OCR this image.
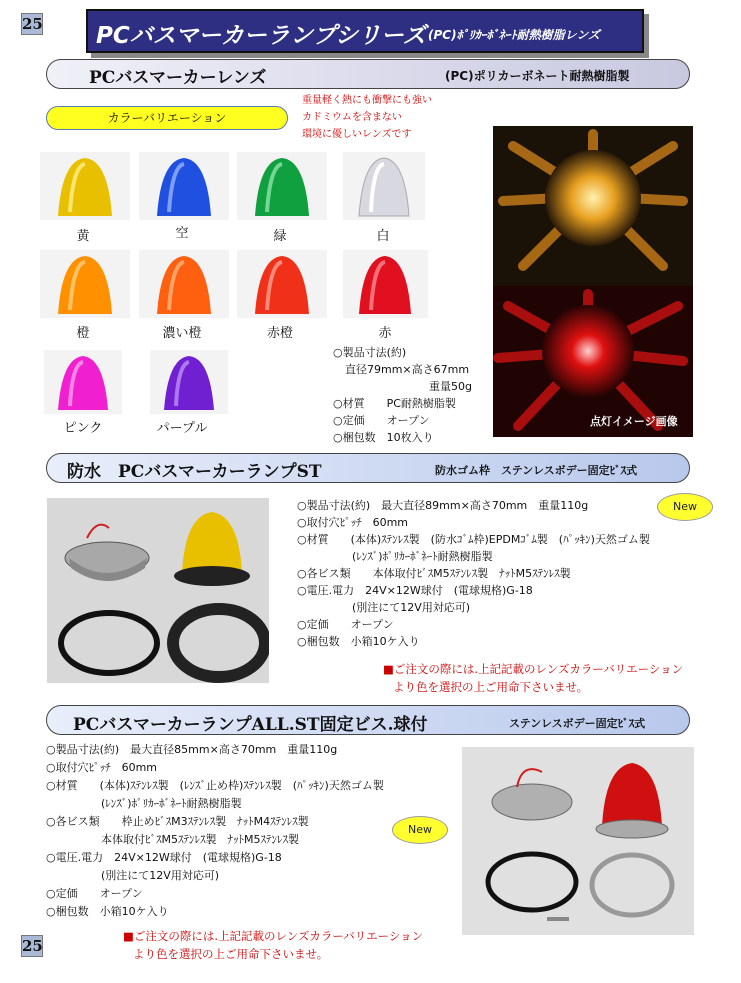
25 PCバスマーカーランプシリーズ (PC)ﾎﾟﾘｶｰﾎﾞﾈｰﾄ耐熱樹脂レンズ
PCバスマーカーレンズ	(PC)ポリカーボネート耐熱樹脂製
カラーバリエーション
重量軽く熱にも衝撃にも強い
カドミウムを含まない
環境に優しいレンズです
黄	空	緑	白
橙	濃い橙	赤橙	赤
ピンク	パープル
○製品寸法(約)
直径79mm×高さ67mm
重量50g
○材質　　PC耐熱樹脂製
○定価　　オープン
○梱包数　10枚入り
点灯イメージ画像
防水　PCバスマーカーランプST	防水ゴム枠　ステンレスボデー固定ﾋﾞｽ式
New
○製品寸法(約)　最大直径89mm×高さ70mm　重量110g
○取付穴ﾋﾟｯﾁ　60mm
○材質　　(本体)ｽﾃﾝﾚｽ製　(防水ｺﾞﾑ枠)EPDMｺﾞﾑ製　(ﾊﾟｯｷﾝ)天然ゴム製
　　　　　(ﾚﾝｽﾞ)ﾎﾟﾘｶｰﾎﾞﾈｰﾄ耐熱樹脂製
○各ビス類　　本体取付ﾋﾞｽM5ｽﾃﾝﾚｽ製　ﾅｯﾄM5ｽﾃﾝﾚｽ製
○電圧.電力　24V×12W球付　(電球規格)G-18
　　　　　(別注にて12V用対応可)
○定価　　オープン
○梱包数　小箱10ケ入り
■ご注文の際には.上記記載のレンズカラーバリエーション
より色を選択の上ご用命下さいませ。
PCバスマーカーランプALL.ST固定ビス.球付	ステンレスボデー固定ﾋﾞｽ式
○製品寸法(約)　最大直径85mm×高さ70mm　重量110g
○取付穴ﾋﾟｯﾁ　60mm
○材質　　(本体)ｽﾃﾝﾚｽ製　(ﾚﾝｽﾞ止め枠)ｽﾃﾝﾚｽ製　(ﾊﾟｯｷﾝ)天然ゴム製
　　　　　(ﾚﾝｽﾞ)ﾎﾟﾘｶｰﾎﾞﾈｰﾄ耐熱樹脂製
○各ビス類　　枠止めﾋﾞｽM3ｽﾃﾝﾚｽ製　ﾅｯﾄM4ｽﾃﾝﾚｽ製
　　　　　本体取付ﾋﾞｽM5ｽﾃﾝﾚｽ製　ﾅｯﾄM5ｽﾃﾝﾚｽ製
○電圧.電力　24V×12W球付　(電球規格)G-18
　　　　　(別注にて12V用対応可)
○定価　　オープン
○梱包数　小箱10ケ入り
New
■ご注文の際には.上記記載のレンズカラーバリエーション
より色を選択の上ご用命下さいませ。
25
